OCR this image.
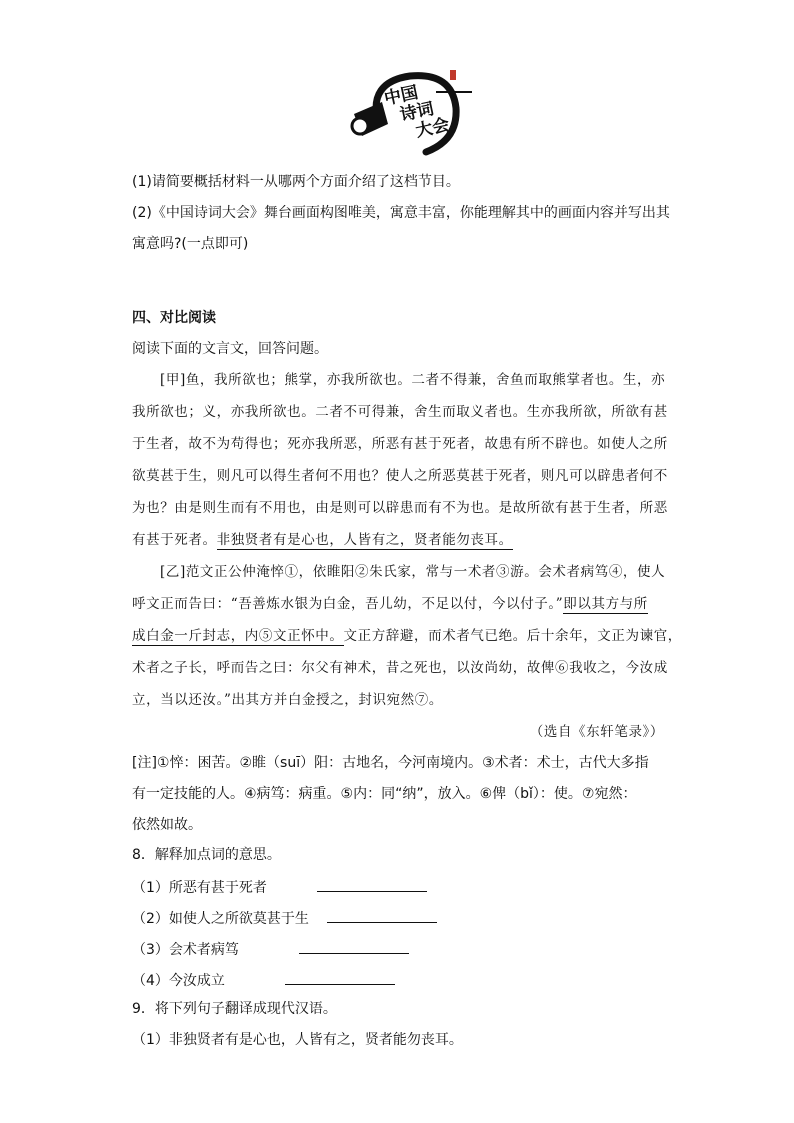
中国
诗词
大会
(1)请简要概括材料一从哪两个方面介绍了这档节目。
(2)《中国诗词大会》舞台画面构图唯美，寓意丰富，你能理解其中的画面内容并写出其
寓意吗?(一点即可)
四、对比阅读
阅读下面的文言文，回答问题。
[甲]鱼，我所欲也；熊掌，亦我所欲也。二者不得兼，舍鱼而取熊掌者也。生，亦
我所欲也；义，亦我所欲也。二者不可得兼，舍生而取义者也。生亦我所欲，所欲有甚
于生者，故不为苟得也；死亦我所恶，所恶有甚于死者，故患有所不辟也。如使人之所
欲莫甚于生，则凡可以得生者何不用也？使人之所恶莫甚于死者，则凡可以辟患者何不
为也？由是则生而有不用也，由是则可以辟患而有不为也。是故所欲有甚于生者，所恶
有甚于死者。非独贤者有是心也，人皆有之，贤者能勿丧耳。
[乙]范文正公仲淹悴①，依睢阳②朱氏家，常与一术者③游。会术者病笃④，使人
呼文正而告曰：“吾善炼水银为白金，吾儿幼，不足以付，今以付子。”即以其方与所
成白金一斤封志，内⑤文正怀中。文正方辞避，而术者气已绝。后十余年，文正为谏官，
术者之子长，呼而告之曰：尔父有神术，昔之死也，以汝尚幼，故俾⑥我收之，今汝成
立，当以还汝。”出其方并白金授之，封识宛然⑦。
（选自《东轩笔录》）
[注]①悴：困苦。②睢（suī）阳：古地名，今河南境内。③术者：术士，古代大多指
有一定技能的人。④病笃：病重。⑤内：同“纳”，放入。⑥俾（bǐ）：使。⑦宛然：
依然如故。
8．解释加点词的意思。
（1）所恶有甚于死者
（2）如使人之所欲莫甚于生
（3）会术者病笃
（4）今汝成立
9．将下列句子翻译成现代汉语。
（1）非独贤者有是心也，人皆有之，贤者能勿丧耳。
